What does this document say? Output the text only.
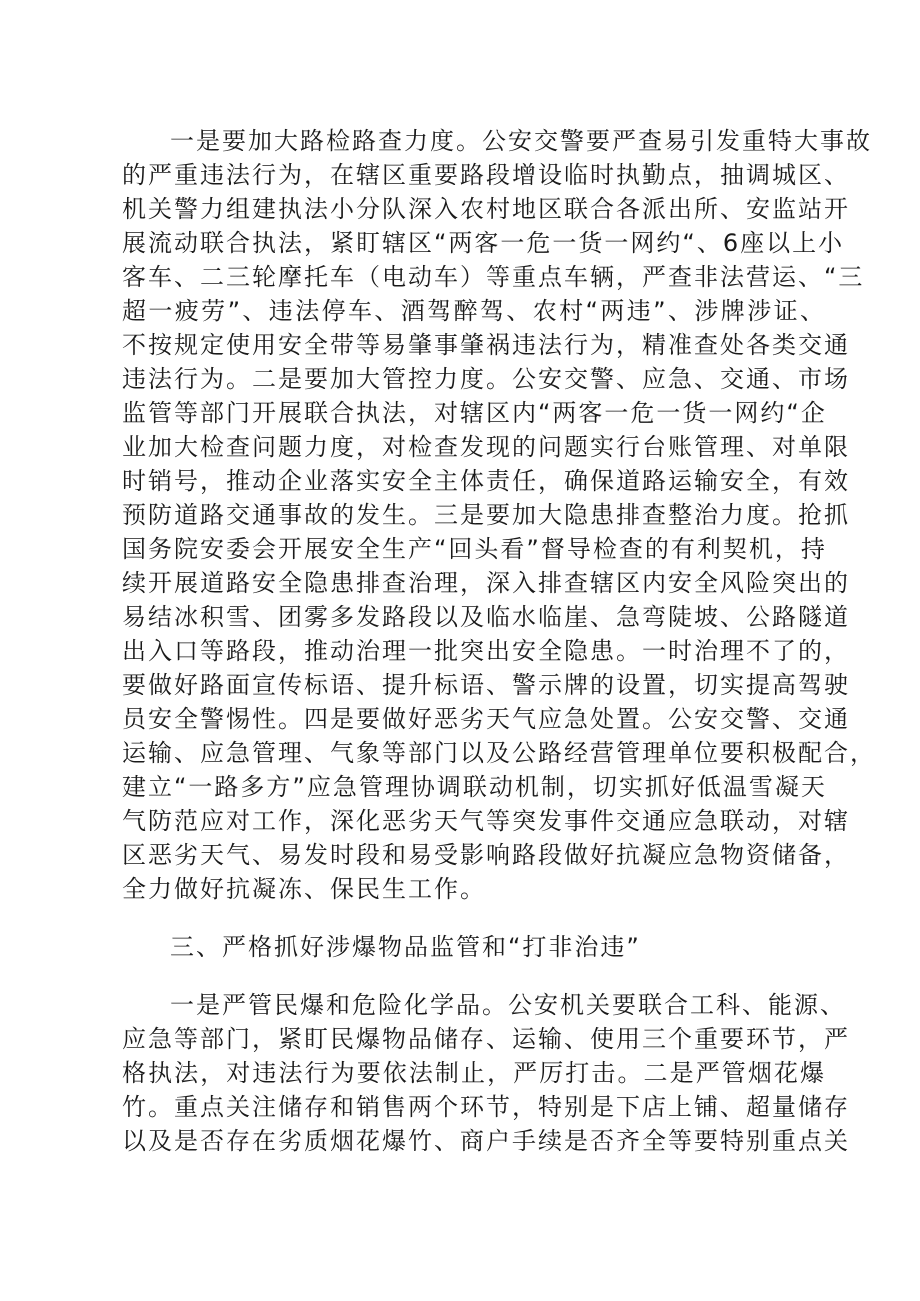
一是要加大路检路查力度。公安交警要严查易引发重特大事故
的严重违法行为，在辖区重要路段增设临时执勤点，抽调城区、
机关警力组建执法小分队深入农村地区联合各派出所、安监站开
展流动联合执法，紧盯辖区“两客一危一货一网约“、6座以上小
客车、二三轮摩托车（电动车）等重点车辆，严查非法营运、“三
超一疲劳”、违法停车、酒驾醉驾、农村“两违”、涉牌涉证、
不按规定使用安全带等易肇事肇祸违法行为，精准查处各类交通
违法行为。二是要加大管控力度。公安交警、应急、交通、市场
监管等部门开展联合执法，对辖区内“两客一危一货一网约“企
业加大检查问题力度，对检查发现的问题实行台账管理、对单限
时销号，推动企业落实安全主体责任，确保道路运输安全，有效
预防道路交通事故的发生。三是要加大隐患排查整治力度。抢抓
国务院安委会开展安全生产“回头看”督导检查的有利契机，持
续开展道路安全隐患排查治理，深入排查辖区内安全风险突出的
易结冰积雪、团雾多发路段以及临水临崖、急弯陡坡、公路隧道
出入口等路段，推动治理一批突出安全隐患。一时治理不了的，
要做好路面宣传标语、提升标语、警示牌的设置，切实提高驾驶
员安全警惕性。四是要做好恶劣天气应急处置。公安交警、交通
运输、应急管理、气象等部门以及公路经营管理单位要积极配合，
建立“一路多方”应急管理协调联动机制，切实抓好低温雪凝天
气防范应对工作，深化恶劣天气等突发事件交通应急联动，对辖
区恶劣天气、易发时段和易受影响路段做好抗凝应急物资储备，
全力做好抗凝冻、保民生工作。
三、严格抓好涉爆物品监管和“打非治违”
一是严管民爆和危险化学品。公安机关要联合工科、能源、
应急等部门，紧盯民爆物品储存、运输、使用三个重要环节，严
格执法，对违法行为要依法制止，严厉打击。二是严管烟花爆
竹。重点关注储存和销售两个环节，特别是下店上铺、超量储存
以及是否存在劣质烟花爆竹、商户手续是否齐全等要特别重点关
